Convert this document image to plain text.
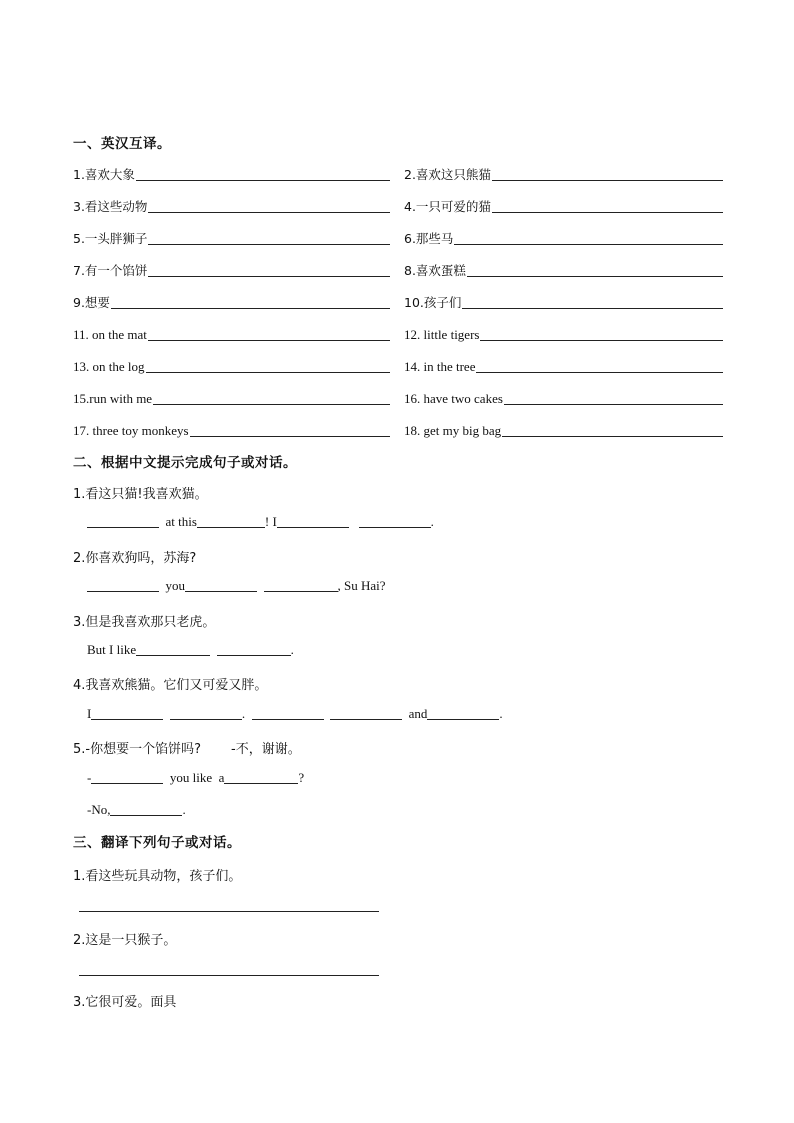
一、英汉互译。
1.喜欢大象	2.喜欢这只熊猫
3.看这些动物	4.一只可爱的猫
5.一头胖狮子	6.那些马
7.有一个馅饼	8.喜欢蛋糕
9.想要	10.孩子们
11. on the mat	12. little tigers
13. on the log	14. in the tree
15.run with me	16. have two cakes
17. three toy monkeys	18. get my big bag
二、根据中文提示完成句子或对话。
1.看这只猫!我喜欢猫。

at this	! I
	.
2.你喜欢狗吗，苏海?

you
	, Su Hai?
3.但是我喜欢那只老虎。
But I like
	.
4.我喜欢熊猫。它们又可爱又胖。
I
	.

	and	.
5.-你想要一个馅饼吗? -不，谢谢。
-
	you like  a	?
-No,	.
三、翻译下列句子或对话。
1.看这些玩具动物，孩子们。
2.这是一只猴子。
3.它很可爱。面具
